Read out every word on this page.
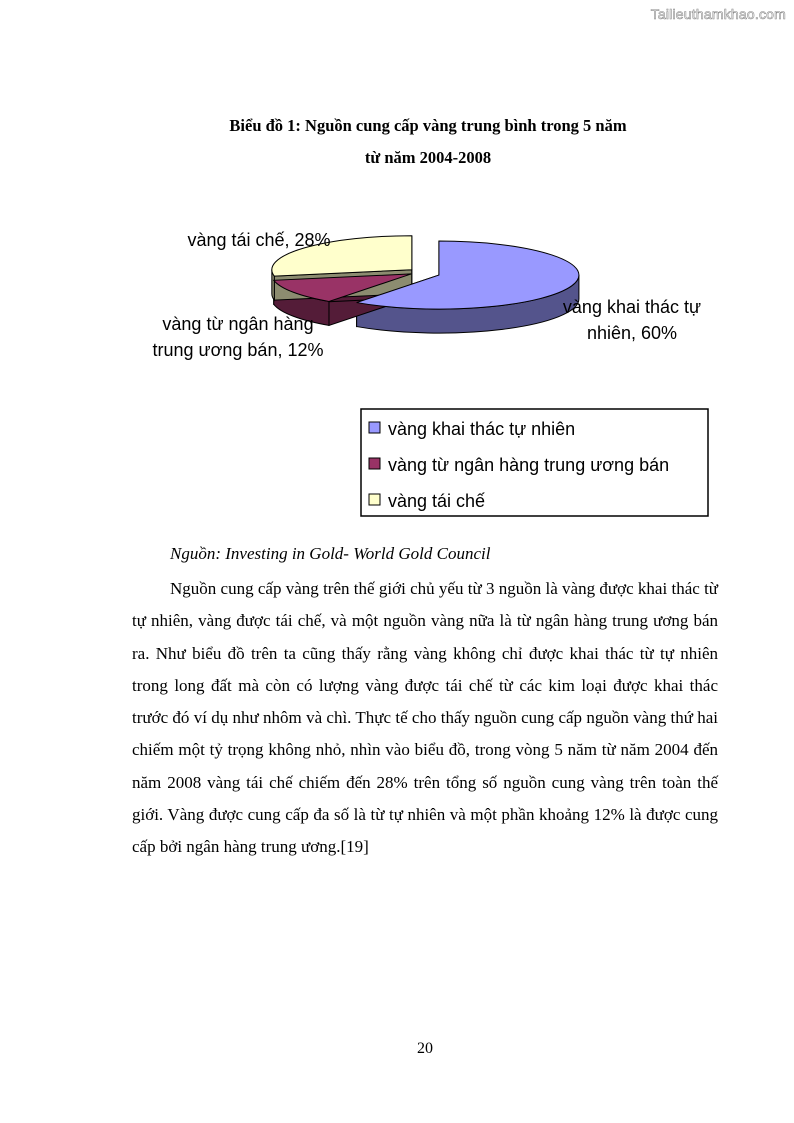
Tailieuthamkhao.com
Biểu đồ 1: Nguồn cung cấp vàng trung bình trong 5 năm
từ năm 2004-2008
vàng khai thác tự nhiên, 60%
vàng từ ngân hàng trung ương bán, 12%
vàng tái chế, 28%
vàng khai thác tự nhiên
vàng từ ngân hàng trung ương bán
vàng tái chế
Nguồn: Investing in Gold- World Gold Council
Nguồn cung cấp vàng trên thế giới chủ yếu từ 3 nguồn là vàng được khai thác từ tự nhiên, vàng được tái chế, và một nguồn vàng nữa là từ ngân hàng trung ương bán ra. Như biểu đồ trên ta cũng thấy rằng vàng không chỉ được khai thác từ tự nhiên trong long đất mà còn có lượng vàng được tái chế từ các kim loại được khai thác trước đó ví dụ như nhôm và chì. Thực tế cho thấy nguồn cung cấp nguồn vàng thứ hai chiếm một tỷ trọng không nhỏ, nhìn vào biểu đồ, trong vòng 5 năm từ năm 2004 đến năm 2008 vàng tái chế chiếm đến 28% trên tổng số nguồn cung vàng trên toàn thế giới. Vàng được cung cấp đa số là từ tự nhiên và một phần khoảng 12% là được cung cấp bởi ngân hàng trung ương.[19]
20
